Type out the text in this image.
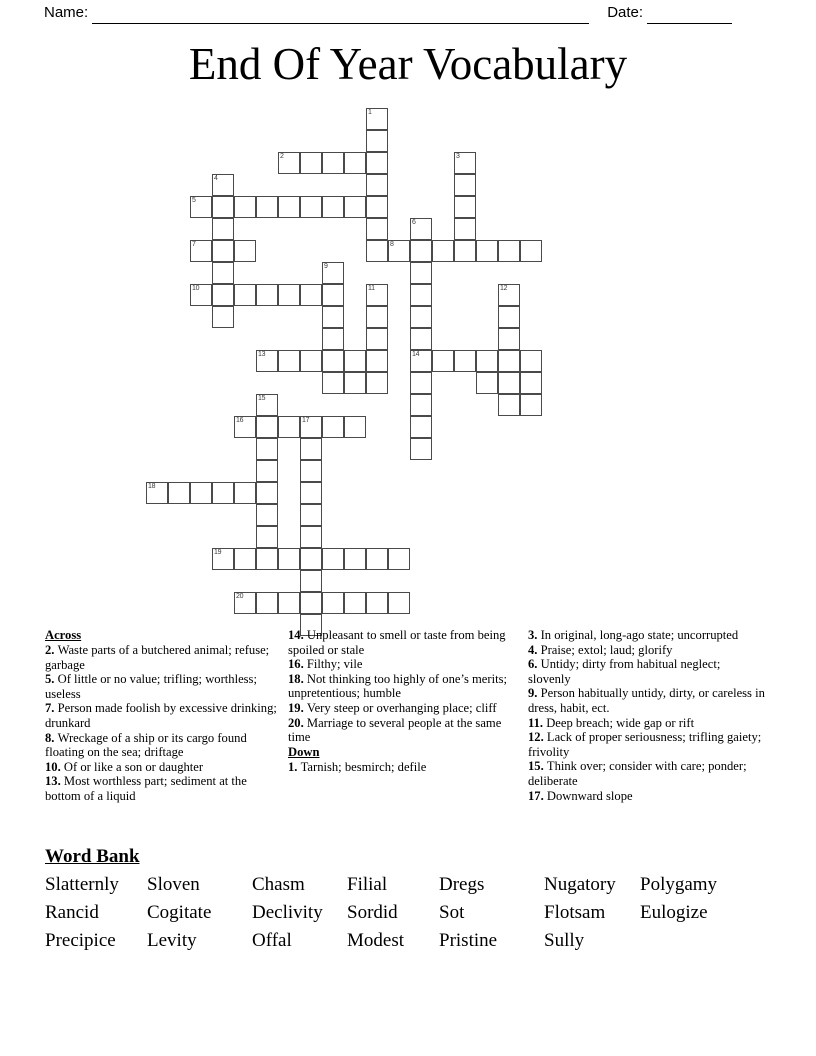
Name:	Date:
End Of Year Vocabulary
1
2	3
4
5
6
14
7	8
9
10	11	12
13
15
16	17
18
19
20
Across
2. Waste parts of a butchered animal; refuse; garbage
5. Of little or no value; trifling; worthless; useless
7. Person made foolish by excessive drinking; drunkard
8. Wreckage of a ship or its cargo found floating on the sea; driftage
10. Of or like a son or daughter
13. Most worthless part; sediment at the bottom of a liquid
14. Unpleasant to smell or taste from being spoiled or stale
16. Filthy; vile
18. Not thinking too highly of one’s merits; unpretentious; humble
19. Very steep or overhanging place; cliff
20. Marriage to several people at the same time
Down
1. Tarnish; besmirch; defile
3. In original, long-ago state; uncorrupted
4. Praise; extol; laud; glorify
6. Untidy; dirty from habitual neglect; slovenly
9. Person habitually untidy, dirty, or careless in dress, habit, ect.
11. Deep breach; wide gap or rift
12. Lack of proper seriousness; trifling gaiety; frivolity
15. Think over; consider with care; ponder; deliberate
17. Downward slope
Word Bank
Slatternly	Sloven	Chasm	Filial	Dregs	Nugatory	Polygamy
Rancid	Cogitate	Declivity	Sordid	Sot	Flotsam	Eulogize
Precipice	Levity	Offal	Modest	Pristine	Sully
